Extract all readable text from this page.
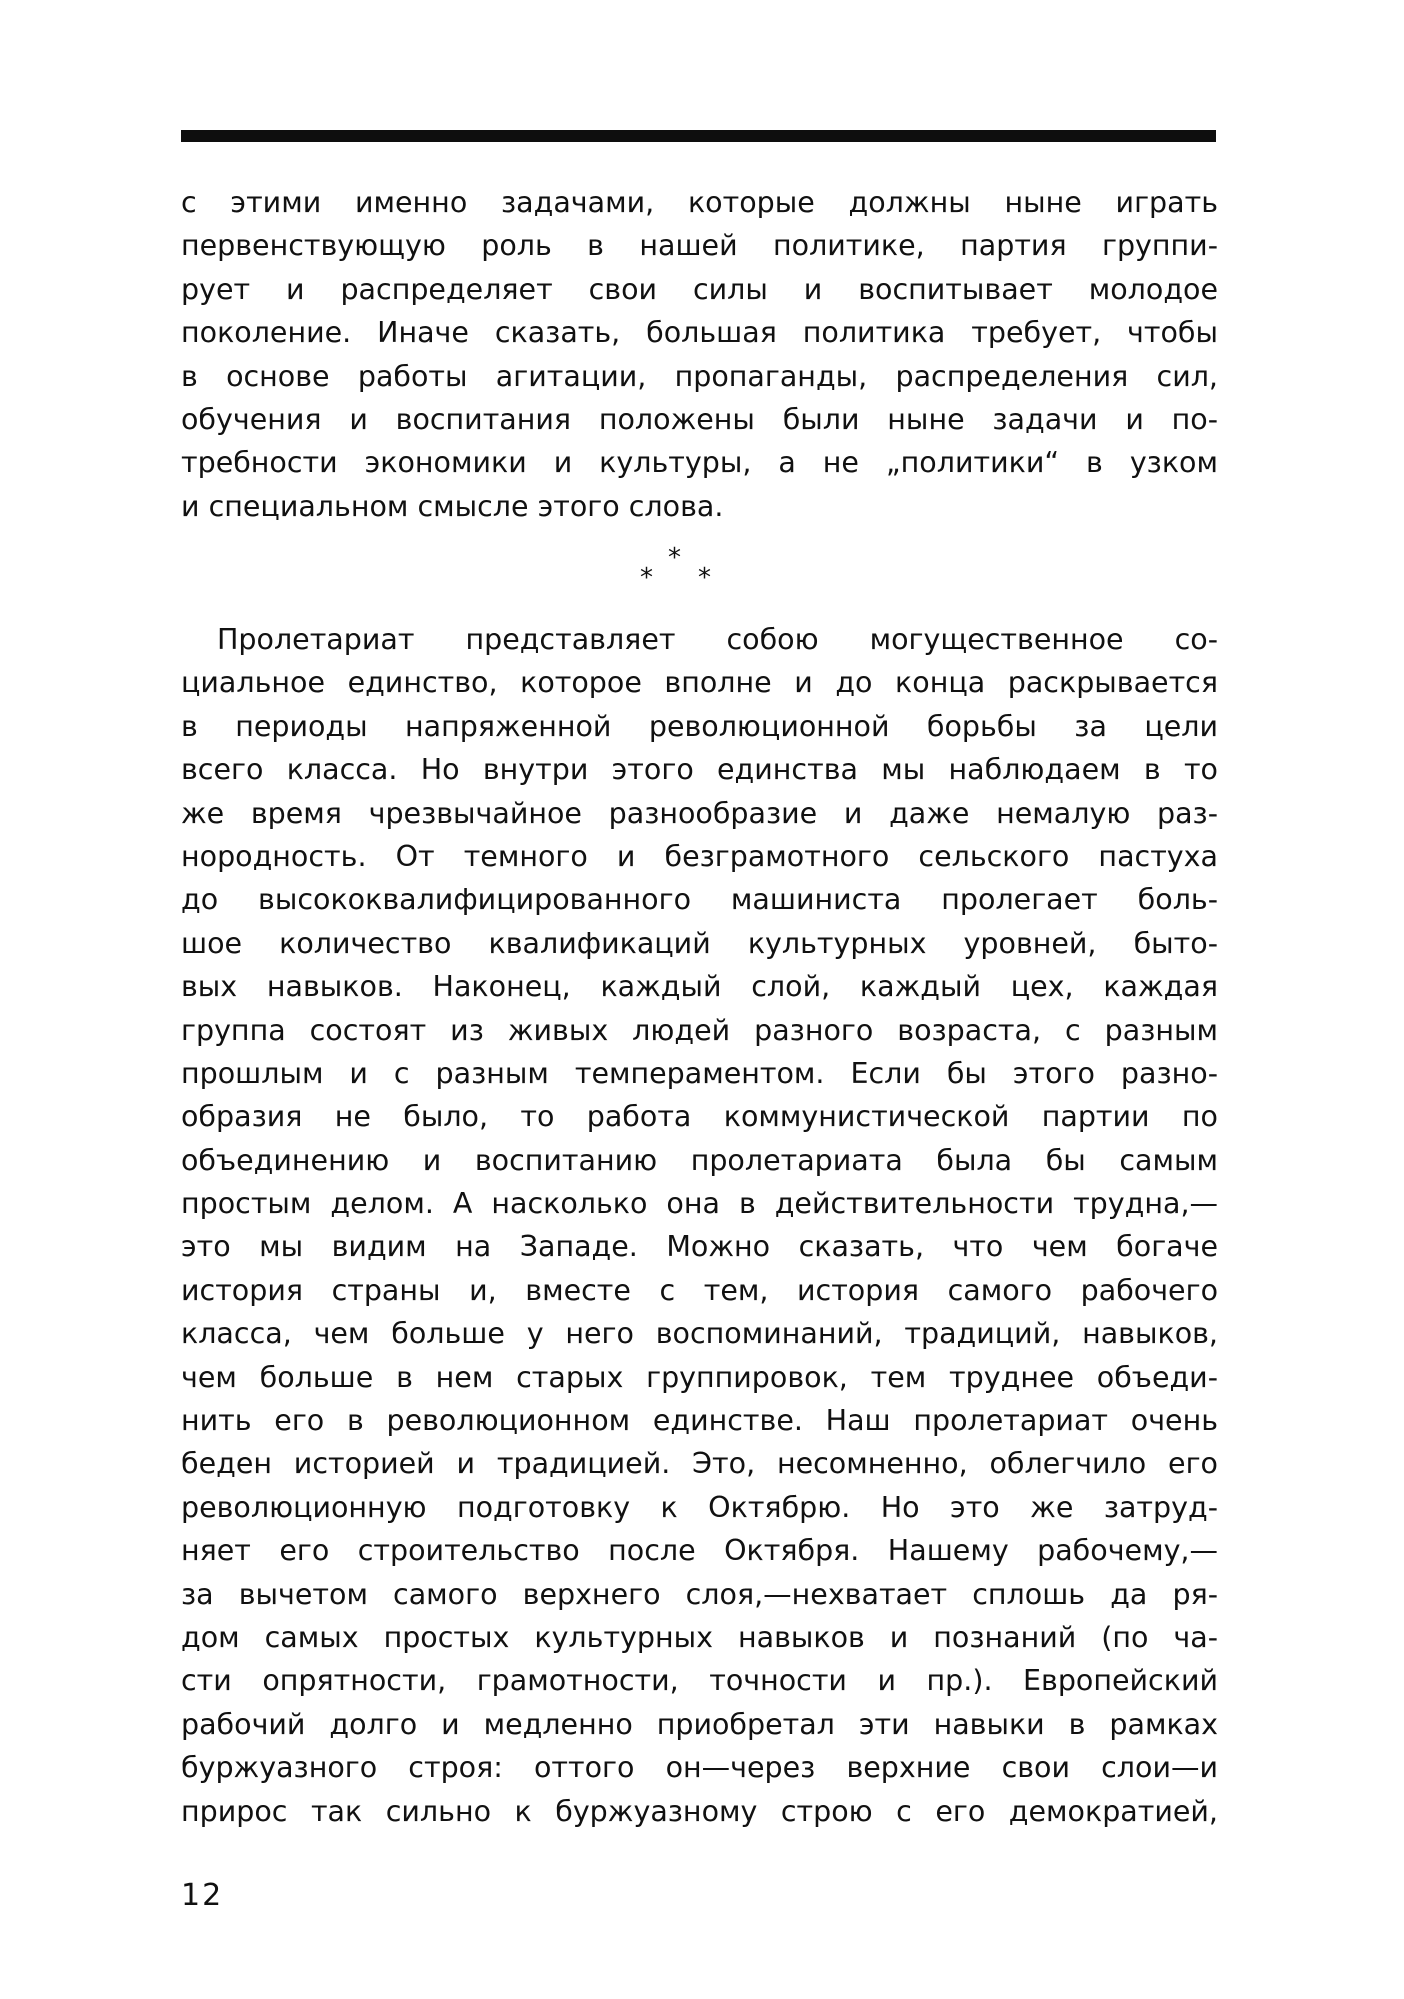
с этими именно задачами, которые должны ныне играть
первенствующую роль в нашей политике, партия группи-
рует и распределяет свои силы и воспитывает молодое
поколение. Иначе сказать, большая политика требует, чтобы
в основе работы агитации, пропаганды, распределения сил,
обучения и воспитания положены были ныне задачи и по-
требности экономики и культуры, а не „политики“ в узком
и специальном смысле этого слова.
*
*
*
Пролетариат представляет собою могущественное со-
циальное единство, которое вполне и до конца раскрывается
в периоды напряженной революционной борьбы за цели
всего класса. Но внутри этого единства мы наблюдаем в то
же время чрезвычайное разнообразие и даже немалую раз-
нородность. От темного и безграмотного сельского пастуха
до высококвалифицированного машиниста пролегает боль-
шое количество квалификаций культурных уровней, быто-
вых навыков. Наконец, каждый слой, каждый цех, каждая
группа состоят из живых людей разного возраста, с разным
прошлым и с разным темпераментом. Если бы этого разно-
образия не было, то работа коммунистической партии по
объединению и воспитанию пролетариата была бы самым
простым делом. А насколько она в действительности трудна,—
это мы видим на Западе. Можно сказать, что чем богаче
история страны и, вместе с тем, история самого рабочего
класса, чем больше у него воспоминаний, традиций, навыков,
чем больше в нем старых группировок, тем труднее объеди-
нить его в революционном единстве. Наш пролетариат очень
беден историей и традицией. Это, несомненно, облегчило его
революционную подготовку к Октябрю. Но это же затруд-
няет его строительство после Октября. Нашему рабочему,—
за вычетом самого верхнего слоя,—нехватает сплошь да ря-
дом самых простых культурных навыков и познаний (по ча-
сти опрятности, грамотности, точности и пр.). Европейский
рабочий долго и медленно приобретал эти навыки в рамках
буржуазного строя: оттого он—через верхние свои слои—и
прирос так сильно к буржуазному строю с его демократией,
12
